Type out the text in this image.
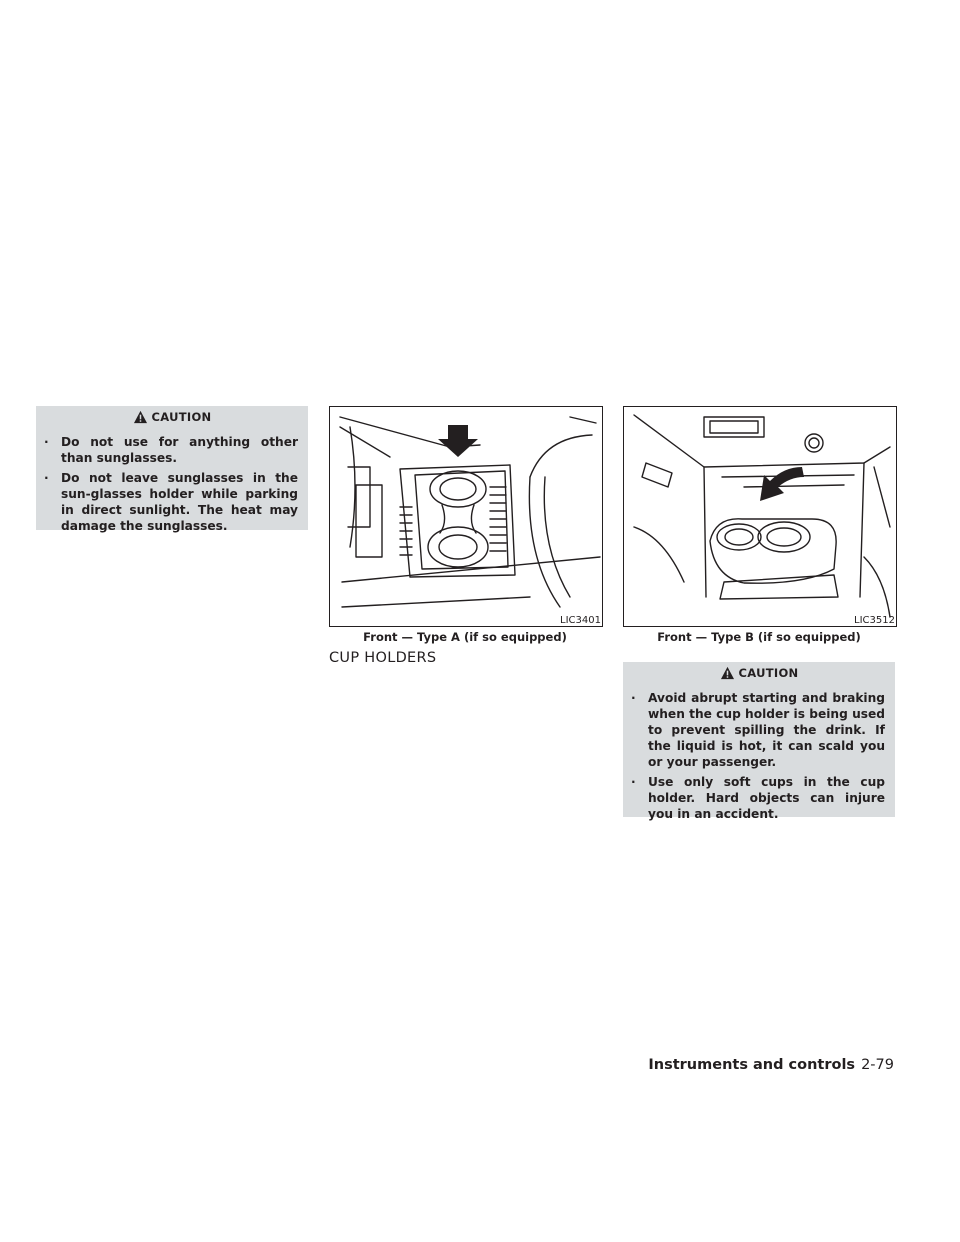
CAUTION
· Do not use for anything other than sunglasses.
· Do not leave sunglasses in the sun-glasses holder while parking in direct sunlight. The heat may damage the sunglasses.
LIC3401
Front — Type A (if so equipped)
LIC3512
Front — Type B (if so equipped)
CUP HOLDERS
CAUTION
· Avoid abrupt starting and braking when the cup holder is being used to prevent spilling the drink. If the liquid is hot, it can scald you or your passenger.
· Use only soft cups in the cup holder. Hard objects can injure you in an accident.
Instruments and controls 2-79
